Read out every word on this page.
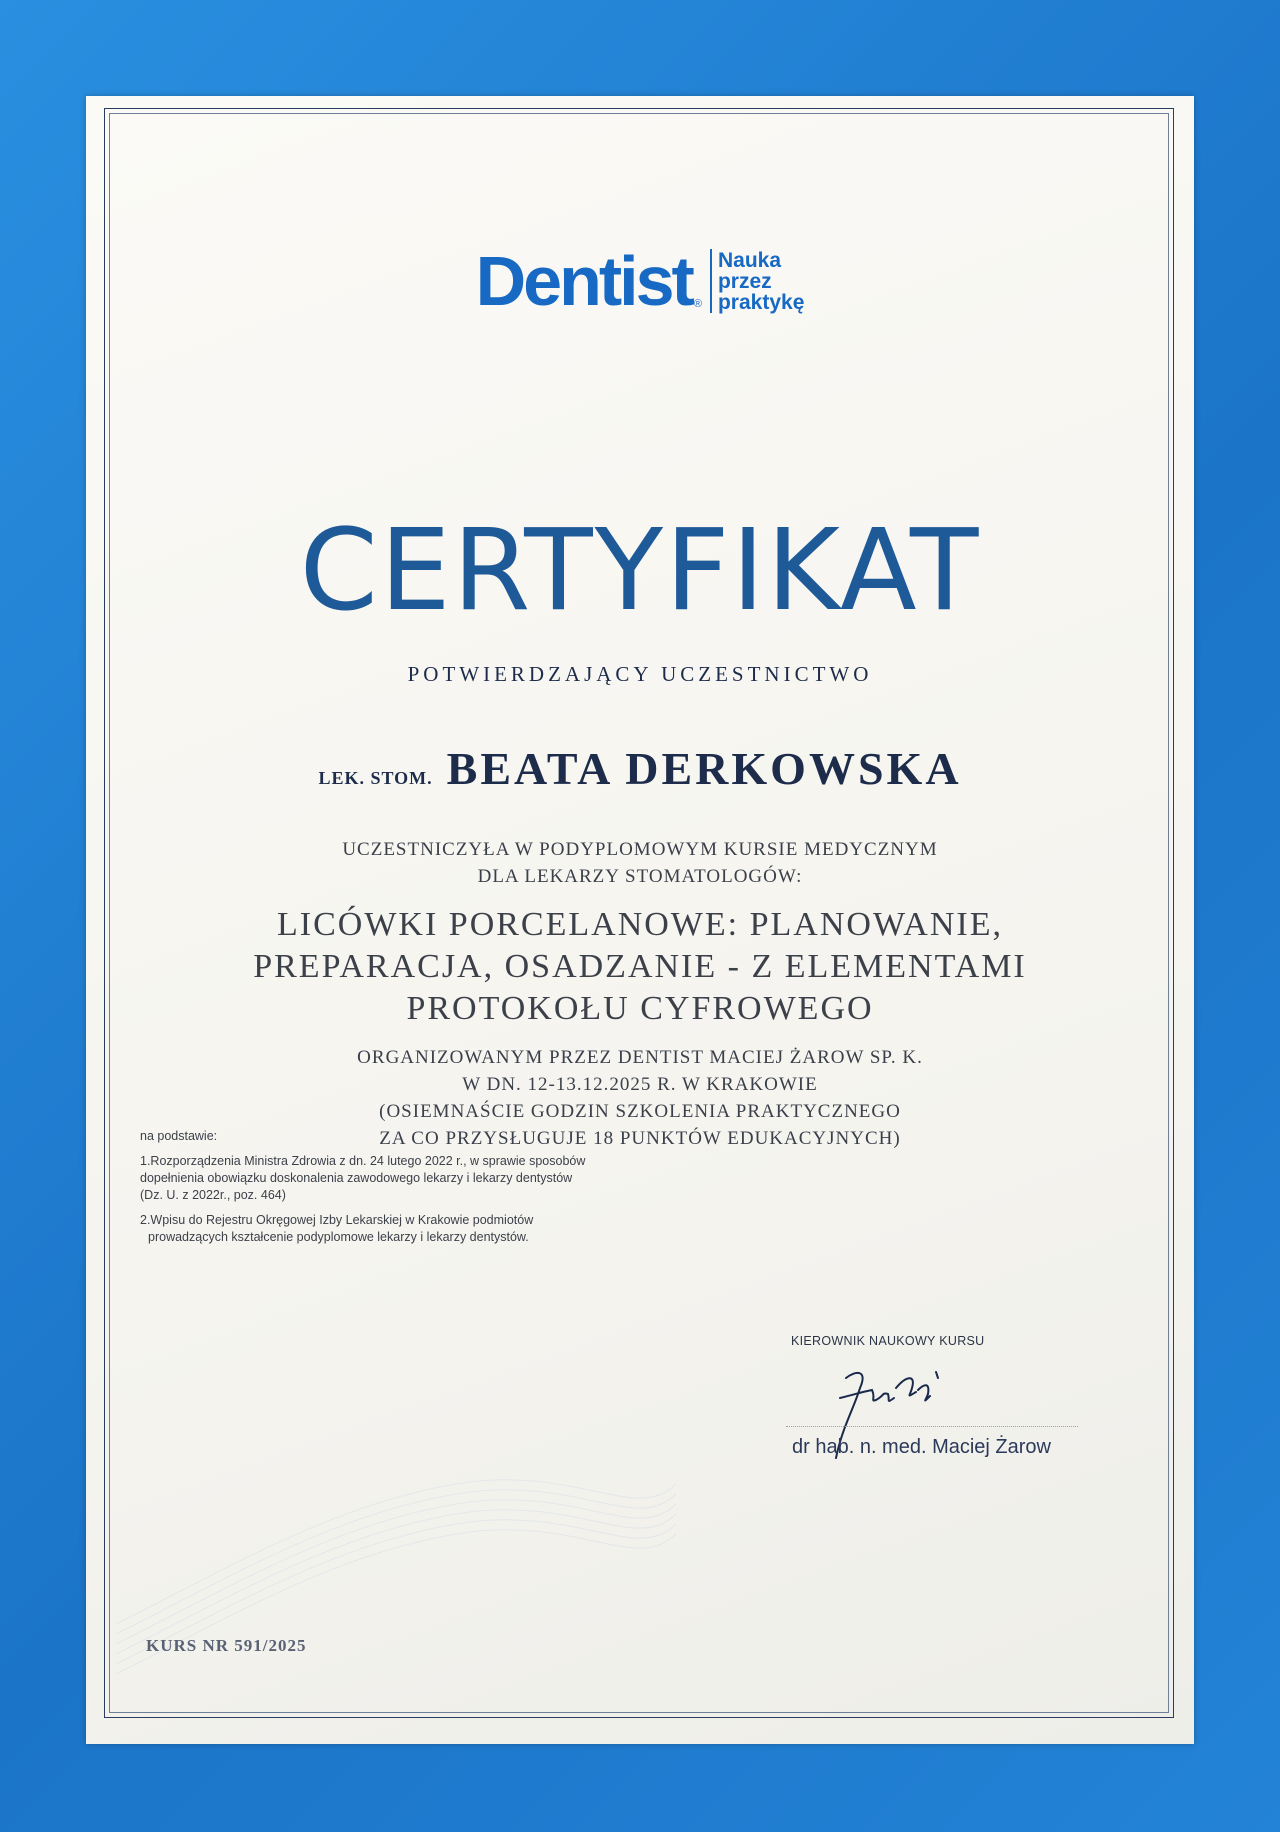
Dentist ®
Nauka
przez
praktykę
CERTYFIKAT
POTWIERDZAJĄCY UCZESTNICTWO
LEK. STOM. BEATA DERKOWSKA
UCZESTNICZYŁA W PODYPLOMOWYM KURSIE MEDYCZNYM
DLA LEKARZY STOMATOLOGÓW:
LICÓWKI PORCELANOWE: PLANOWANIE,
PREPARACJA, OSADZANIE - Z ELEMENTAMI
PROTOKOŁU CYFROWEGO
ORGANIZOWANYM PRZEZ DENTIST MACIEJ ŻAROW SP. K.
W DN. 12-13.12.2025 R. W KRAKOWIE
(OSIEMNAŚCIE GODZIN SZKOLENIA PRAKTYCZNEGO
ZA CO PRZYSŁUGUJE 18 PUNKTÓW EDUKACYJNYCH)
na podstawie:
1.Rozporządzenia Ministra Zdrowia z dn. 24 lutego 2022 r., w sprawie sposobów
dopełnienia obowiązku doskonalenia zawodowego lekarzy i lekarzy dentystów
(Dz. U. z 2022r., poz. 464)
2.Wpisu do Rejestru Okręgowej Izby Lekarskiej w Krakowie podmiotów
prowadzących kształcenie podyplomowe lekarzy i lekarzy dentystów.
KIEROWNIK NAUKOWY KURSU
dr hab. n. med. Maciej Żarow
KURS NR 591/2025
